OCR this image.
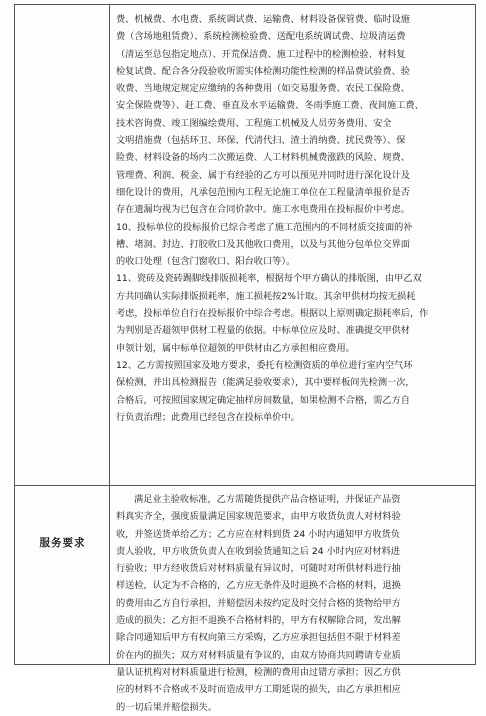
服务要求
费、机械费、水电费、系统调试费、运输费、材料设备保管费、临时设施
费（含场地租赁费）、系统检测检验费、送配电系统调试费、垃圾清运费
（清运至总包指定地点）、开荒保洁费、施工过程中的检测检验、材料复
检复试费、配合各分段验收所需实体检测功能性检测的样品费试验费、验
收费、当地规定规定应缴纳的各种费用（如交易服务费、农民工保险费、
安全保险费等）、赶工费、垂直及水平运输费、冬雨季施工费、夜间施工费、
技术咨询费、竣工图编绘费用、工程施工机械及人员劳务费用、安全
文明措施费（包括环卫、环保、代清代扫、渣土消纳费、扰民费等）、保
险费、材料设备的场内二次搬运费、人工材料机械费涨跌的风险、规费、
管理费、利润、税金、属于有经验的乙方可以预见并同时进行深化设计及
细化设计的费用，凡承包范围内工程无论施工单位在工程量清单报价是否
存在遗漏均视为已包含在合同价款中。施工水电费用在投标报价中考虑。
10、投标单位的投标报价已综合考虑了施工范围内的不同材质交接面的补
槽、堵洞、封边、打胶收口及其他收口费用，以及与其他分包单位交界面
的收口处理（包含门窗收口、阳台收口等）。
11、瓷砖及瓷砖踢脚线排版损耗率，根据每个甲方确认的排版图，由甲乙双
方共同确认实际排版损耗率，施工损耗按2%计取。其余甲供材均按无损耗
考虑，投标单位自行在投标报价中综合考虑。根据以上原则确定损耗率后，作
为判别是否超领甲供材工程量的依据。中标单位应及时、准确提交甲供材
申领计划，属中标单位超领的甲供材由乙方承担相应费用。
12、乙方需按照国家及地方要求，委托有检测资质的单位进行室内空气环
保检测，并出具检测报告（能满足验收要求），其中要样板间先检测一次，
合格后，可按照国家规定确定抽样房间数量，如果检测不合格，需乙方自
行负责治理；此费用已经包含在投标单价中。
满足业主验收标准，乙方需随货提供产品合格证明，并保证产品资
料真实齐全，强度质量满足国家规范要求，由甲方收货负责人对材料验
收，并签送货单给乙方；乙方应在材料到货 24 小时内通知甲方收货负
责人验收，甲方收货负责人在收到验货通知之后 24 小时内应对材料进
行验收；甲方经收货后对材料质量有异议时，可随时对所供材料进行抽
样送检，认定为不合格的，乙方应无条件及时退换不合格的材料，退换
的费用由乙方自行承担，并赔偿因未按约定及时交付合格的货物给甲方
造成的损失；乙方拒不退换不合格材料的，甲方有权解除合同，发出解
除合同通知后甲方有权向第三方采购，乙方应承担包括但不限于材料差
价在内的损失；双方对材料质量有争议的，由双方协商共同聘请专业质
量认证机构对材料质量进行检测，检测的费用由过错方承担；因乙方供
应的材料不合格或不及时而造成甲方工期延误的损失，由乙方承担相应
的一切后果并赔偿损失。
